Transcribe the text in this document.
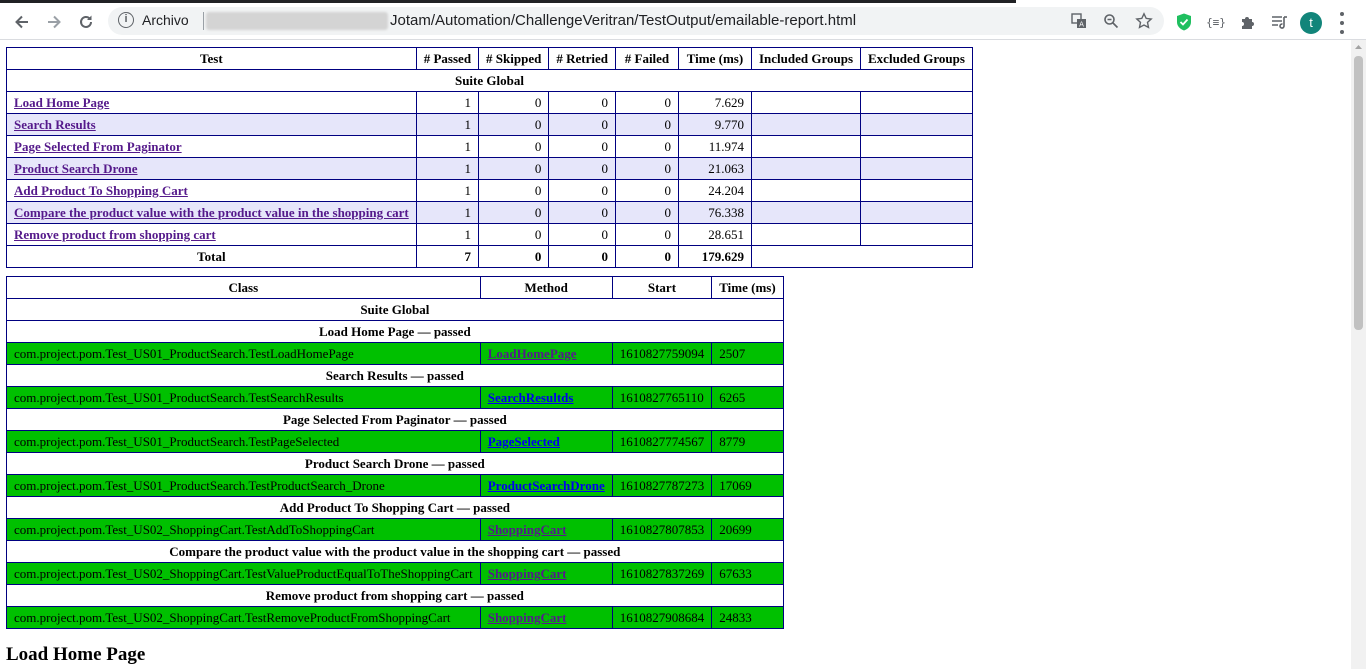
i	Archivo	Jotam/Automation/ChallengeVeritran/TestOutput/emailable-report.html	A	{≡}	t
Test	# Passed	# Skipped	# Retried	# Failed	Time (ms)	Included Groups	Excluded Groups
Suite Global							
Load Home Page	1	0	0	0	7.629		
Search Results	1	0	0	0	9.770		
Page Selected From Paginator	1	0	0	0	11.974		
Product Search Drone	1	0	0	0	21.063		
Add Product To Shopping Cart	1	0	0	0	24.204		
Compare the product value with the product value in the shopping cart	1	0	0	0	76.338		
Remove product from shopping cart	1	0	0	0	28.651		
Total	7	0	0	0	179.629		
Class	Method	Start	Time (ms)
Suite Global			
Load Home Page — passed			
com.project.pom.Test_US01_ProductSearch.TestLoadHomePage	LoadHomePage	1610827759094	2507
Search Results — passed			
com.project.pom.Test_US01_ProductSearch.TestSearchResults	SearchResultds	1610827765110	6265
Page Selected From Paginator — passed			
com.project.pom.Test_US01_ProductSearch.TestPageSelected	PageSelected	1610827774567	8779
Product Search Drone — passed			
com.project.pom.Test_US01_ProductSearch.TestProductSearch_Drone	ProductSearchDrone	1610827787273	17069
Add Product To Shopping Cart — passed			
com.project.pom.Test_US02_ShoppingCart.TestAddToShoppingCart	ShoppingCart	1610827807853	20699
Compare the product value with the product value in the shopping cart — passed			
com.project.pom.Test_US02_ShoppingCart.TestValueProductEqualToTheShoppingCart	ShoppingCart	1610827837269	67633
Remove product from shopping cart — passed			
com.project.pom.Test_US02_ShoppingCart.TestRemoveProductFromShoppingCart	ShoppingCart	1610827908684	24833
Load Home Page
